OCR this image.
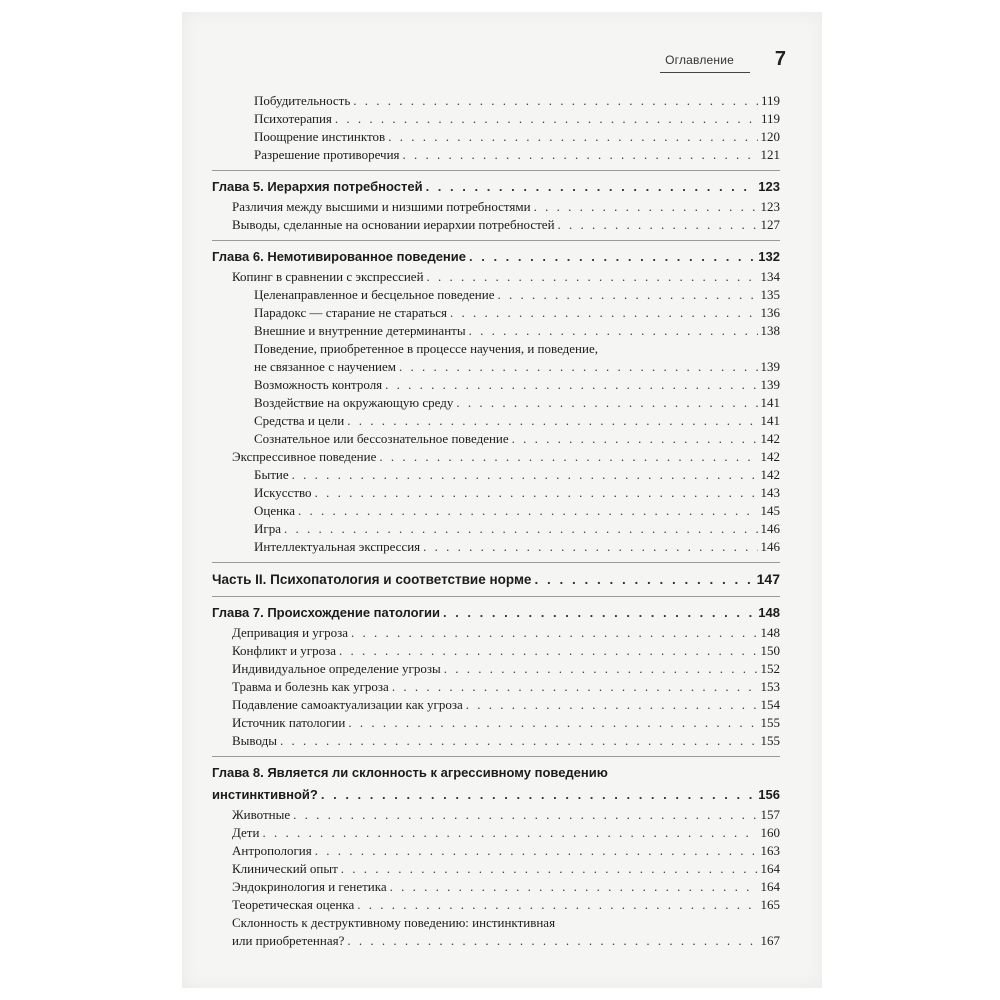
Оглавление 7
Побудительность . . .	119
Психотерапия . . .	119
Поощрение инстинктов . . .	120
Разрешение противоречия . . .	121
Глава 5. Иерархия потребностей . . .	123
Различия между высшими и низшими потребностями . . .	123
Выводы, сделанные на основании иерархии потребностей . . .	127
Глава 6. Немотивированное поведение . . .	132
Копинг в сравнении с экспрессией . . .	134
Целенаправленное и бесцельное поведение . . .	135
Парадокс — старание не стараться . . .	136
Внешние и внутренние детерминанты . . .	138
Поведение, приобретенное в процессе научения, и поведение,
не связанное с научением . . .	139
Возможность контроля . . .	139
Воздействие на окружающую среду . . .	141
Средства и цели . . .	141
Сознательное или бессознательное поведение . . .	142
Экспрессивное поведение . . .	142
Бытие . . .	142
Искусство . . .	143
Оценка . . .	145
Игра . . .	146
Интеллектуальная экспрессия . . .	146
Часть II. Психопатология и соответствие норме . . .	147
Глава 7. Происхождение патологии . . .	148
Депривация и угроза . . .	148
Конфликт и угроза . . .	150
Индивидуальное определение угрозы . . .	152
Травма и болезнь как угроза . . .	153
Подавление самоактуализации как угроза . . .	154
Источник патологии . . .	155
Выводы . . .	155
Глава 8. Является ли склонность к агрессивному поведению
инстинктивной? . . .	156
Животные . . .	157
Дети . . .	160
Антропология . . .	163
Клинический опыт . . .	164
Эндокринология и генетика . . .	164
Теоретическая оценка . . .	165
Склонность к деструктивному поведению: инстинктивная
или приобретенная? . . .	167
